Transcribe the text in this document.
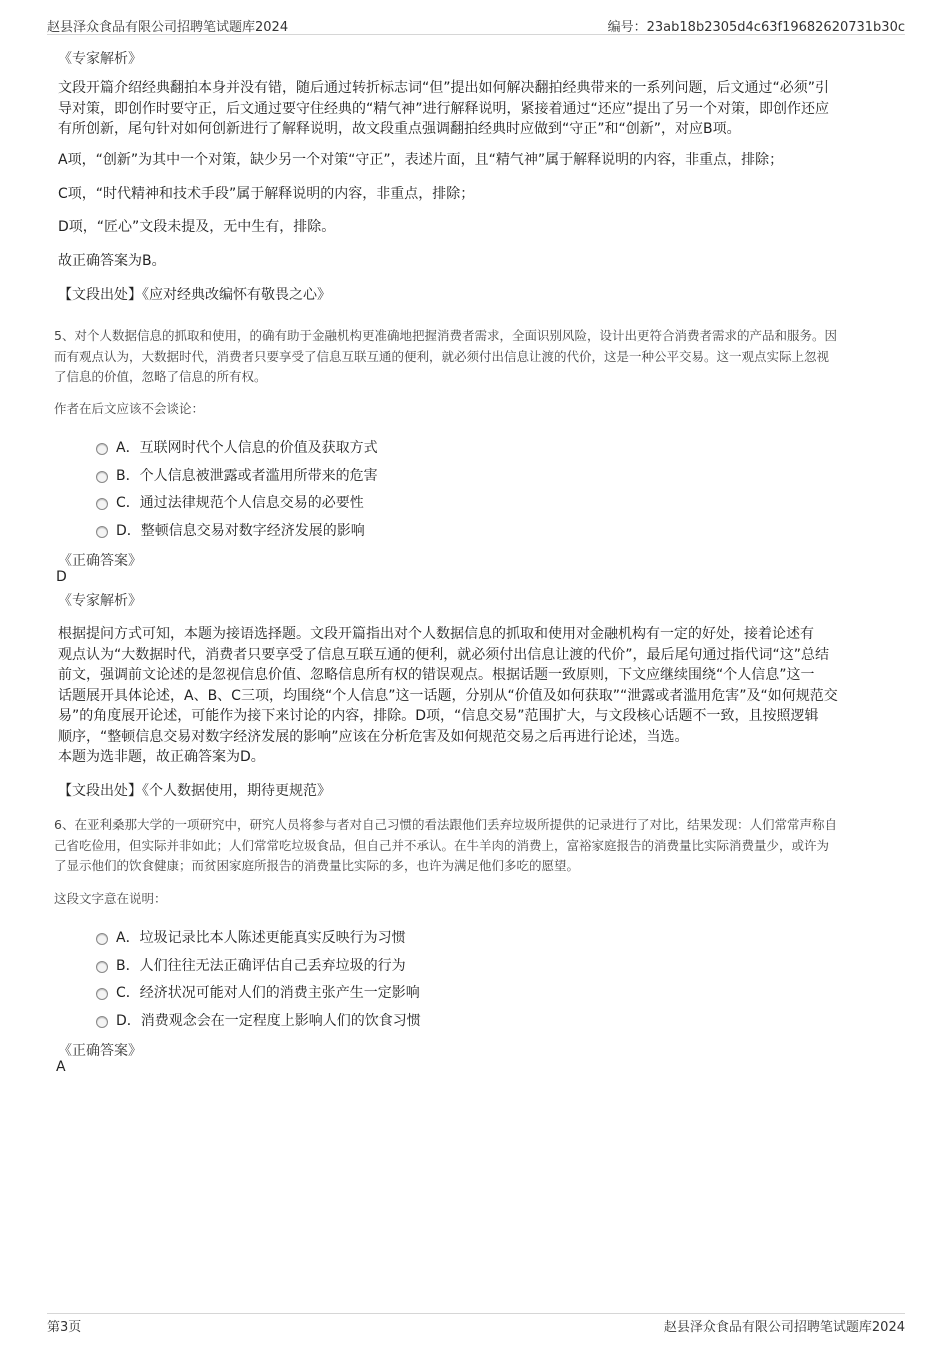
赵县泽众食品有限公司招聘笔试题库2024	编号：23ab18b2305d4c63f19682620731b30c
《专家解析》
文段开篇介绍经典翻拍本身并没有错，随后通过转折标志词“但”提出如何解决翻拍经典带来的一系列问题，后文通过“必须”引
导对策，即创作时要守正，后文通过要守住经典的“精气神”进行解释说明，紧接着通过“还应”提出了另一个对策，即创作还应
有所创新，尾句针对如何创新进行了解释说明，故文段重点强调翻拍经典时应做到“守正”和“创新”，对应B项。
A项，“创新”为其中一个对策，缺少另一个对策“守正”，表述片面，且“精气神”属于解释说明的内容，非重点，排除；
C项，“时代精神和技术手段”属于解释说明的内容，非重点，排除；
D项，“匠心”文段未提及，无中生有，排除。
故正确答案为B。
【文段出处】《应对经典改编怀有敬畏之心》
5、对个人数据信息的抓取和使用，的确有助于金融机构更准确地把握消费者需求，全面识别风险，设计出更符合消费者需求的产品和服务。因
而有观点认为，大数据时代，消费者只要享受了信息互联互通的便利，就必须付出信息让渡的代价，这是一种公平交易。这一观点实际上忽视
了信息的价值，忽略了信息的所有权。
作者在后文应该不会谈论：
A．互联网时代个人信息的价值及获取方式
B．个人信息被泄露或者滥用所带来的危害
C．通过法律规范个人信息交易的必要性
D．整顿信息交易对数字经济发展的影响
《正确答案》
D
《专家解析》
根据提问方式可知，本题为接语选择题。文段开篇指出对个人数据信息的抓取和使用对金融机构有一定的好处，接着论述有
观点认为“大数据时代，消费者只要享受了信息互联互通的便利，就必须付出信息让渡的代价”，最后尾句通过指代词“这”总结
前文，强调前文论述的是忽视信息价值、忽略信息所有权的错误观点。根据话题一致原则，下文应继续围绕“个人信息”这一
话题展开具体论述，A、B、C三项，均围绕“个人信息”这一话题，分别从“价值及如何获取”“泄露或者滥用危害”及“如何规范交
易”的角度展开论述，可能作为接下来讨论的内容，排除。D项，“信息交易”范围扩大，与文段核心话题不一致，且按照逻辑
顺序，“整顿信息交易对数字经济发展的影响”应该在分析危害及如何规范交易之后再进行论述，当选。
本题为选非题，故正确答案为D。
【文段出处】《个人数据使用，期待更规范》
6、在亚利桑那大学的一项研究中，研究人员将参与者对自己习惯的看法跟他们丢弃垃圾所提供的记录进行了对比，结果发现：人们常常声称自
己省吃俭用，但实际并非如此；人们常常吃垃圾食品，但自己并不承认。在牛羊肉的消费上，富裕家庭报告的消费量比实际消费量少，或许为
了显示他们的饮食健康；而贫困家庭所报告的消费量比实际的多，也许为满足他们多吃的愿望。
这段文字意在说明：
A．垃圾记录比本人陈述更能真实反映行为习惯
B．人们往往无法正确评估自己丢弃垃圾的行为
C．经济状况可能对人们的消费主张产生一定影响
D．消费观念会在一定程度上影响人们的饮食习惯
《正确答案》
A
第3页	赵县泽众食品有限公司招聘笔试题库2024
